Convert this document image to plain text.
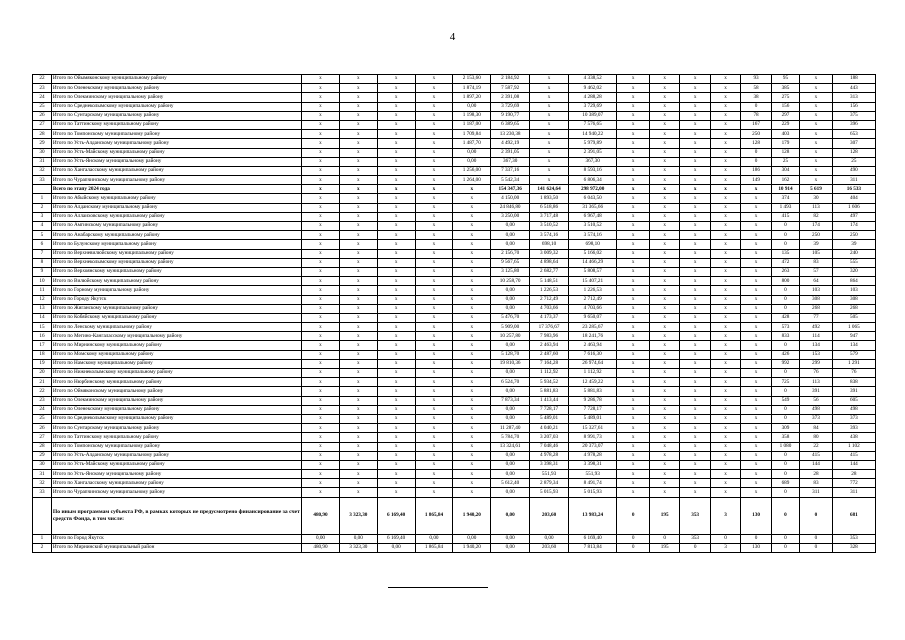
4
22	Итого по Ойымяконскому муниципальному району	х	х	х	х	2 153,60	2 184,92	х	4 338,52	х	х	х	х	93	95	х	188
23	Итого по Оленекскому муниципальному району	х	х	х	х	1 874,19	7 587,92	х	9 462,02	х	х	х	х	58	385	х	443
24	Итого по Олекминскому муниципальному району	х	х	х	х	1 897,20	2 391,08	х	4 288,28	х	х	х	х	38	275	х	313
25	Итого по Среднеколымскому муниципальному району	х	х	х	х	0,00	3 729,69	х	3 729,69	х	х	х	х	0	156	х	156
26	Итого по Сунтарскому муниципальному району	х	х	х	х	1 198,30	9 190,77	х	10 389,07	х	х	х	х	78	297	х	375
27	Итого по Таттинскому муниципальному району	х	х	х	х	1 187,00	6 389,65	х	7 576,65	х	х	х	х	167	229	х	396
28	Итого по Томпонскому муниципальному району	х	х	х	х	1 709,84	13 230,38	х	14 940,22	х	х	х	х	250	403	х	653
29	Итого по Усть-Алданскому муниципальному району	х	х	х	х	1 487,70	4 492,19	х	5 979,89	х	х	х	х	128	179	х	307
30	Итого по Усть-Майскому муниципальному району	х	х	х	х	0,00	2 391,05	х	2 391,05	х	х	х	х	0	128	х	128
31	Итого по Усть-Янскому муниципальному району	х	х	х	х	0,00	367,30	х	367,30	х	х	х	х	0	25	х	25
32	Итого по Хангаласскому муниципальному району	х	х	х	х	1 256,00	7 337,16	х	8 593,16	х	х	х	х	186	304	х	490
33	Итого по Чурапчинскому муниципальному району	х	х	х	х	1 264,00	5 542,34	х	6 806,34	х	х	х	х	149	162	х	311
	Всего по этапу 2024 года	х	х	х	х	х	154 347,36	141 624,64	298 972,00	х	х	х	х	х	10 914	5 619	16 533
1	Итого по Абыйскому муниципальному району	х	х	х	х	х	4 150,00	1 893,50	6 043,50	х	х	х	х	х	374	30	404
2	Итого по Алданскому муниципальному району	х	х	х	х	х	24 846,80	6 518,86	31 365,66	х	х	х	х	х	1 493	113	1 606
3	Итого по Аллаиховскому муниципальному району	х	х	х	х	х	3 250,00	3 717,48	6 967,48	х	х	х	х	х	415	82	497
4	Итого по Амгинскому муниципальному району	х	х	х	х	х	0,00	3 510,52	3 510,52	х	х	х	х	х	0	174	174
5	Итого по Анабарскому муниципальному району	х	х	х	х	х	0,00	3 574,16	3 574,16	х	х	х	х	х	0	250	250
6	Итого по Булунскому муниципальному району	х	х	х	х	х	0,00	698,10	698,10	х	х	х	х	х	0	39	39
7	Итого по Верхневилюйскому муниципальному району	х	х	х	х	х	2 156,70	3 009,32	5 166,02	х	х	х	х	х	135	105	240
8	Итого по Верхнеколымскому муниципальному району	х	х	х	х	х	9 567,65	4 898,64	14 466,29	х	х	х	х	х	472	83	555
9	Итого по Верхоянскому муниципальному району	х	х	х	х	х	3 125,80	2 682,77	5 808,57	х	х	х	х	х	263	57	320
10	Итого по Вилюйскому муниципальному району	х	х	х	х	х	10 258,70	5 148,51	15 407,21	х	х	х	х	х	800	64	864
11	Итого по Горному муниципальному району	х	х	х	х	х	0,00	1 226,53	1 226,53	х	х	х	х	х	0	103	103
12	Итого по Городу Якутск	х	х	х	х	х	0,00	2 712,49	2 712,49	х	х	х	х	х	0	308	308
13	Итого по Жиганскому муниципальному району	х	х	х	х	х	0,00	4 703,66	4 703,66	х	х	х	х	х	0	268	268
14	Итого по Кобяйскому муниципальному району	х	х	х	х	х	5 476,70	4 173,37	9 650,07	х	х	х	х	х	428	77	505
15	Итого по Ленскому муниципальному району	х	х	х	х	х	5 909,00	17 376,67	23 285,67	х	х	х	х	х	573	492	1 065
16	Итого по Мегино-Кангаласскому муниципальному району	х	х	х	х	х	10 257,80	7 983,96	18 241,76	х	х	х	х	х	833	114	947
17	Итого по Мирнинскому муниципальному району	х	х	х	х	х	0,00	2 463,94	2 463,94	х	х	х	х	х	0	134	134
18	Итого по Момскому муниципальному району	х	х	х	х	х	5 128,70	2 487,60	7 616,30	х	х	х	х	х	426	153	579
19	Итого по Намскому муниципальному району	х	х	х	х	х	19 810,36	7 164,28	26 974,64	х	х	х	х	х	992	299	1 291
20	Итого по Нижнеколымскому муниципальному району	х	х	х	х	х	0,00	1 112,92	1 112,92	х	х	х	х	х	0	76	76
21	Итого по Нюрбинскому муниципальному району	х	х	х	х	х	6 524,70	5 934,52	12 459,22	х	х	х	х	х	725	113	838
22	Итого по Оймяконскому муниципальному району	х	х	х	х	х	0,00	5 881,83	5 881,83	х	х	х	х	х	0	391	391
23	Итого по Олекминскому муниципальному району	х	х	х	х	х	7 873,34	1 413,44	9 286,78	х	х	х	х	х	549	56	605
24	Итого по Оленекскому муниципальному району	х	х	х	х	х	0,00	7 728,17	7 728,17	х	х	х	х	х	0	498	498
25	Итого по Среднеколымскому муниципальному району	х	х	х	х	х	0,00	5 489,01	5 489,01	х	х	х	х	х	0	373	373
26	Итого по Сунтарскому муниципальному району	х	х	х	х	х	11 287,40	4 040,21	15 327,61	х	х	х	х	х	309	84	393
27	Итого по Таттинскому муниципальному району	х	х	х	х	х	5 784,70	3 207,03	8 991,73	х	х	х	х	х	358	80	438
28	Итого по Томпонскому муниципальному району	х	х	х	х	х	13 324,61	7 048,46	20 373,07	х	х	х	х	х	1 080	22	1 102
29	Итого по Усть-Алданскому муниципальному району	х	х	х	х	х	0,00	4 978,28	4 978,28	х	х	х	х	х	0	415	415
30	Итого по Усть-Майскому муниципальному району	х	х	х	х	х	0,00	3 398,31	3 398,31	х	х	х	х	х	0	144	144
31	Итого по Усть-Янскому муниципальному району	х	х	х	х	х	0,00	551,93	551,93	х	х	х	х	х	0	28	28
32	Итого по Хангаласскому муниципальному району	х	х	х	х	х	5 612,40	2 879,34	8 491,74	х	х	х	х	х	689	83	772
33	Итого по Чурапчинскому муниципальному району	х	х	х	х	х	0,00	5 015,93	5 015,93	х	х	х	х	х	0	311	311
	По иным программам субъекта РФ, в рамках которых не предусмотрено финансирование за счет средств Фонда, в том числе:	480,90	3 323,30	6 169,40	1 865,84	1 940,20	0,00	203,60	13 983,24	0	195	353	3	130	0	0	681
1	Итого по Город Якутск	0,00	0,00	6 169,40	0,00	0,00	0,00	0,00	6 169,40	0	0	353	0	0	0	0	353
2	Итого по Мирнинский муниципальный район	480,90	3 323,30	0,00	1 865,84	1 940,20	0,00	203,60	7 813,84	0	195	0	3	130	0	0	328
